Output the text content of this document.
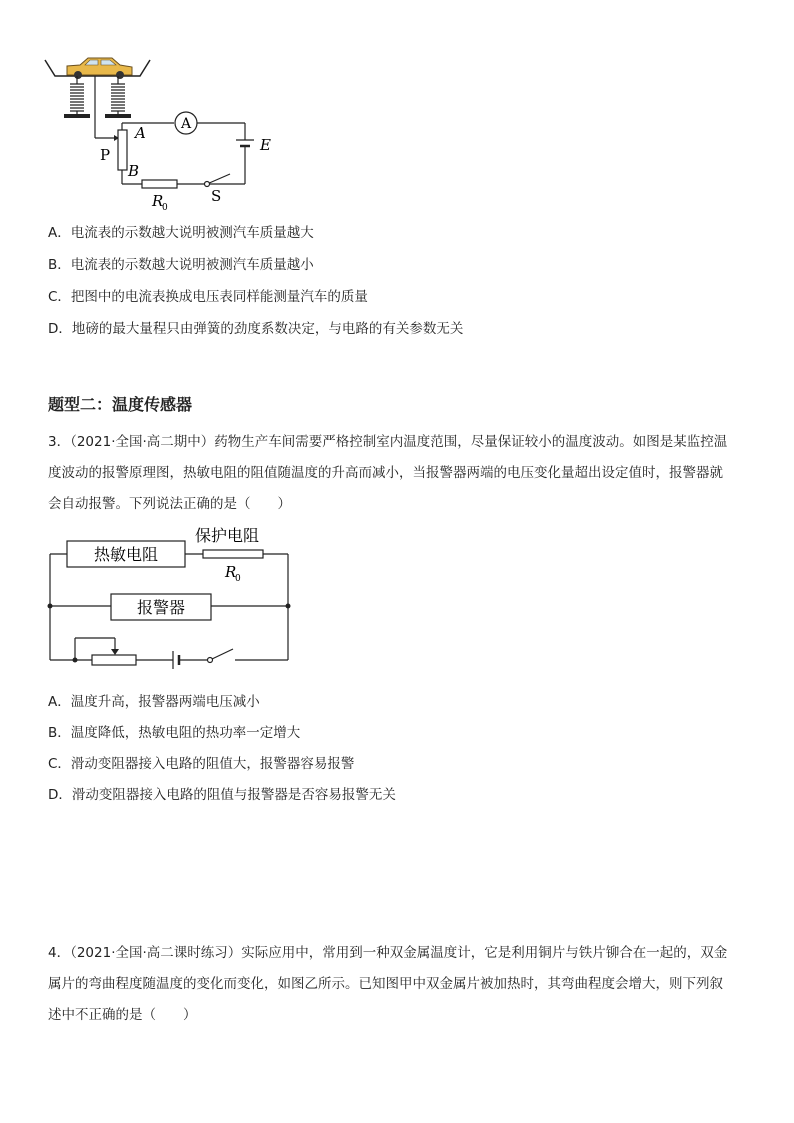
A
E
S
R
0
A
B
P
A．电流表的示数越大说明被测汽车质量越大
B．电流表的示数越大说明被测汽车质量越小
C．把图中的电流表换成电压表同样能测量汽车的质量
D．地磅的最大量程只由弹簧的劲度系数决定，与电路的有关参数无关
题型二：温度传感器
3．（2021·全国·高二期中）药物生产车间需要严格控制室内温度范围，尽量保证较小的温度波动。如图是某监控温
度波动的报警原理图，热敏电阻的阻值随温度的升高而减小，当报警器两端的电压变化量超出设定值时，报警器就
会自动报警。下列说法正确的是（　　）
热敏电阻
保护电阻
R
0
报警器
A．温度升高，报警器两端电压减小
B．温度降低，热敏电阻的热功率一定增大
C．滑动变阻器接入电路的阻值大，报警器容易报警
D．滑动变阻器接入电路的阻值与报警器是否容易报警无关
4．（2021·全国·高二课时练习）实际应用中，常用到一种双金属温度计，它是利用铜片与铁片铆合在一起的，双金
属片的弯曲程度随温度的变化而变化，如图乙所示。已知图甲中双金属片被加热时，其弯曲程度会增大，则下列叙
述中不正确的是（　　）
